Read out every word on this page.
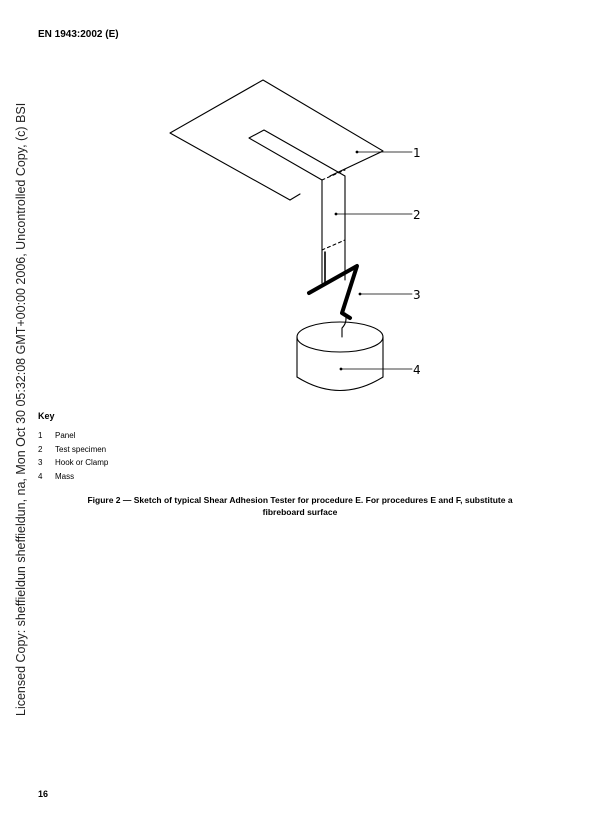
EN 1943:2002 (E)
Licensed Copy: sheffieldun sheffieldun, na, Mon Oct 30 05:32:08 GMT+00:00 2006, Uncontrolled Copy, (c) BSI	1
2
3
4
Key
1	Panel
2	Test specimen
3	Hook or Clamp
4	Mass
Figure 2 — Sketch of typical Shear Adhesion Tester for procedure E. For procedures E and F, substitute a
fibreboard surface
16
